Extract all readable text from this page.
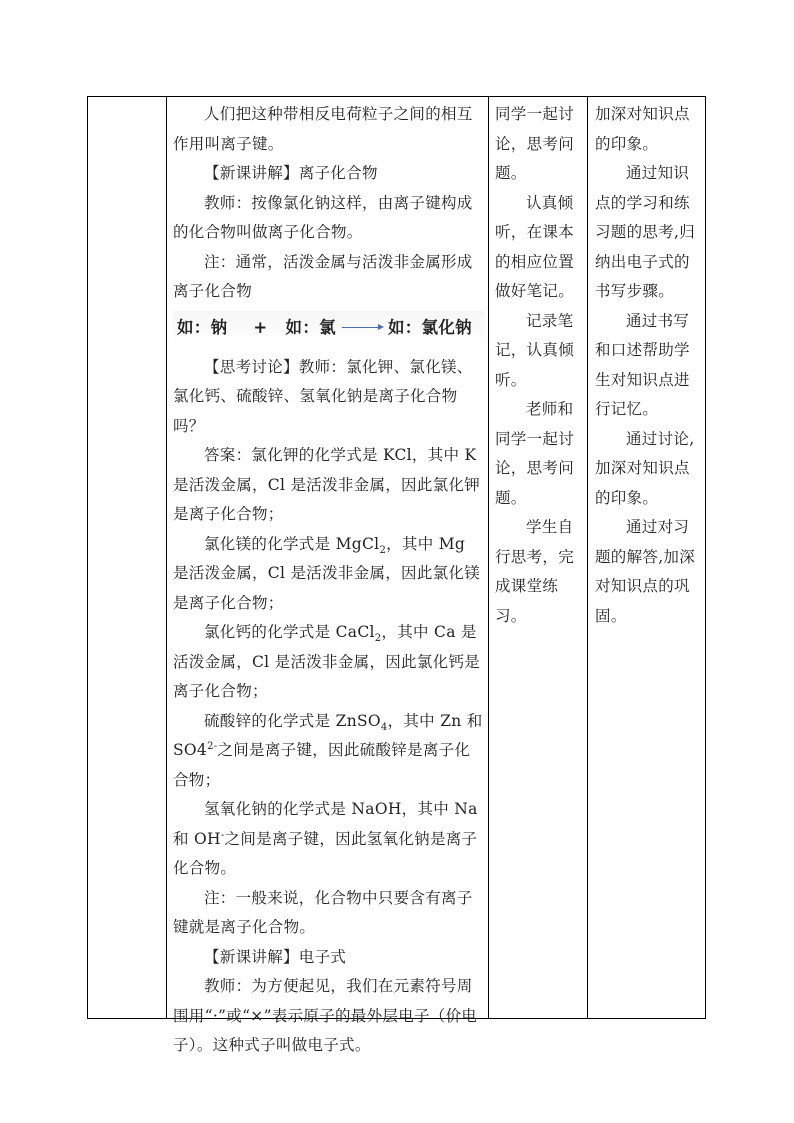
人们把这种带相反电荷粒子之间的相互作用叫离子键。

【新课讲解】离子化合物

教师：按像氯化钠这样，由离子键构成的化合物叫做离子化合物。

注：通常，活泼金属与活泼非金属形成离子化合物

如：钠 + 如：氯 → 如：氯化钠

【思考讨论】教师：氯化钾、氯化镁、氯化钙、硫酸锌、氢氧化钠是离子化合物吗？

答案：氯化钾的化学式是 KCl，其中 K 是活泼金属，Cl 是活泼非金属，因此氯化钾是离子化合物；

氯化镁的化学式是 MgCl$_2$，其中 Mg 是活泼金属，Cl 是活泼非金属，因此氯化镁是离子化合物；

氯化钙的化学式是 CaCl$_2$，其中 Ca 是活泼金属，Cl 是活泼非金属，因此氯化钙是离子化合物；

硫酸锌的化学式是 ZnSO$_4$，其中 Zn 和 $SO4^{2-}$之间是离子键，因此硫酸锌是离子化合物；

氢氧化钠的化学式是 NaOH，其中 Na 和 OH-之间是离子键，因此氢氧化钠是离子化合物。

注：一般来说，化合物中只要含有离子键就是离子化合物。

【新课讲解】电子式

教师：为方便起见，我们在元素符号周围用“·”或“×”表示原子的最外层电子（价电子）。这种式子叫做电子式。

同学一起讨论，思考问题。

认真倾听，在课本的相应位置做好笔记。

记录笔记，认真倾听。

老师和同学一起讨论，思考问题。

学生自行思考，完成课堂练习。

加深对知识点的印象。

通过知识点的学习和练习题的思考,归纳出电子式的书写步骤。

通过书写和口述帮助学生对知识点进行记忆。

通过讨论,加深对知识点的印象。

通过对习题的解答,加深对知识点的巩固。
